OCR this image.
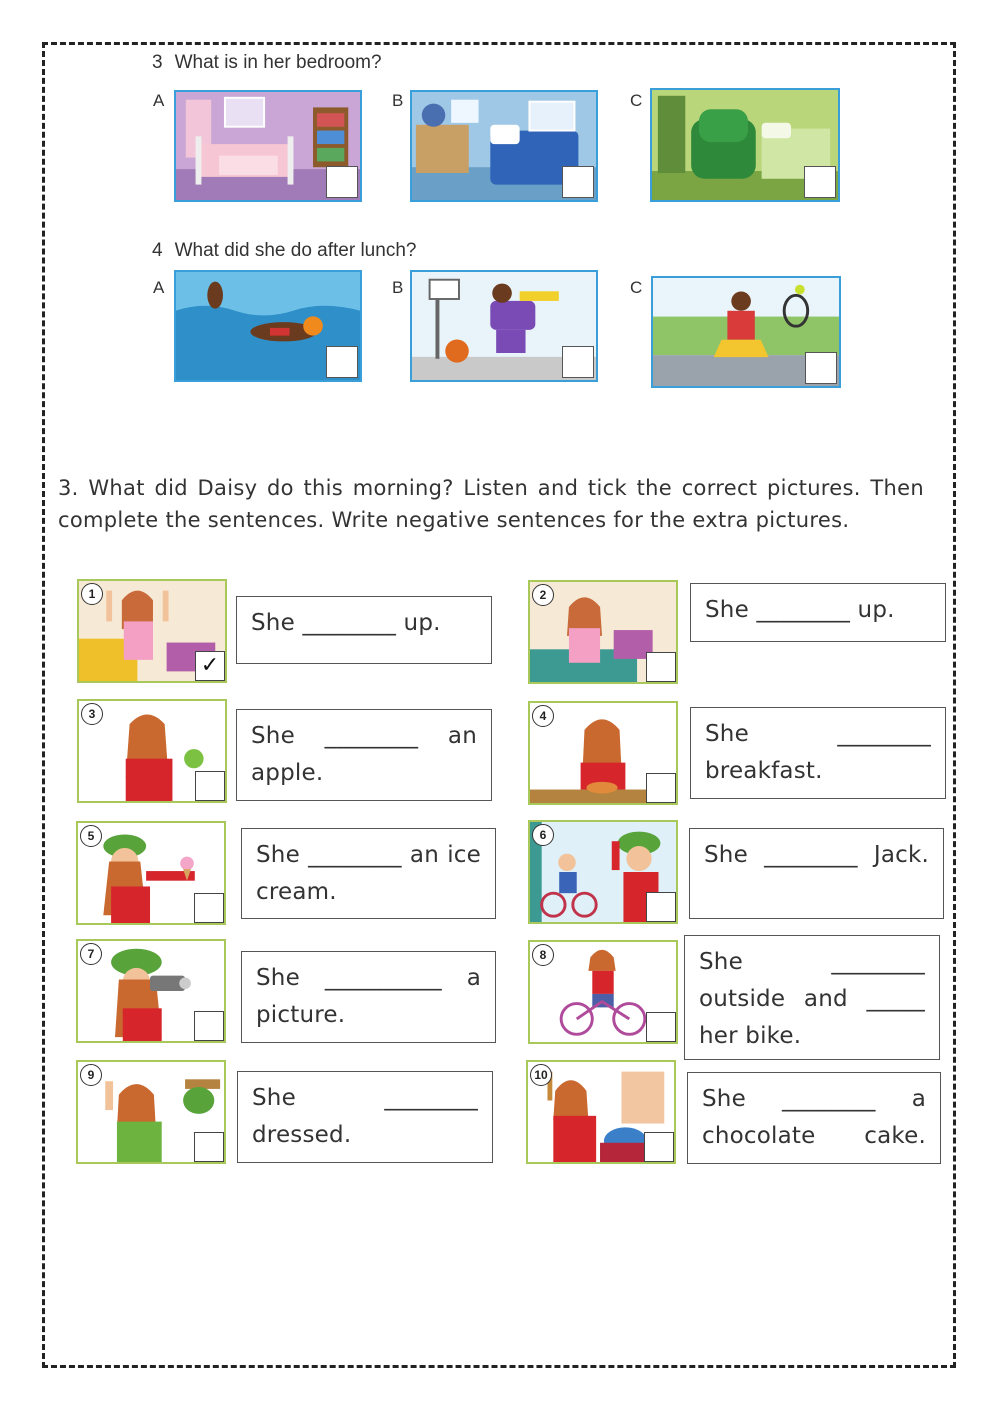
3 What is in her bedroom?
A	B	C
4 What did she do after lunch?
A	B	C
3. What did Daisy do this morning? Listen and tick the correct pictures. Then complete the sentences. Write negative sentences for the extra pictures.
1
✓
She ________ up.
3
She ________ an apple.
5
She ________ an ice cream.
7
She __________ a picture.
9
She ________ dressed.
2
She ________ up.
4
She ________ breakfast.
6
She ________ Jack.
8	She ________ outside and _____ her bike.
10
She ________ a chocolate cake.
